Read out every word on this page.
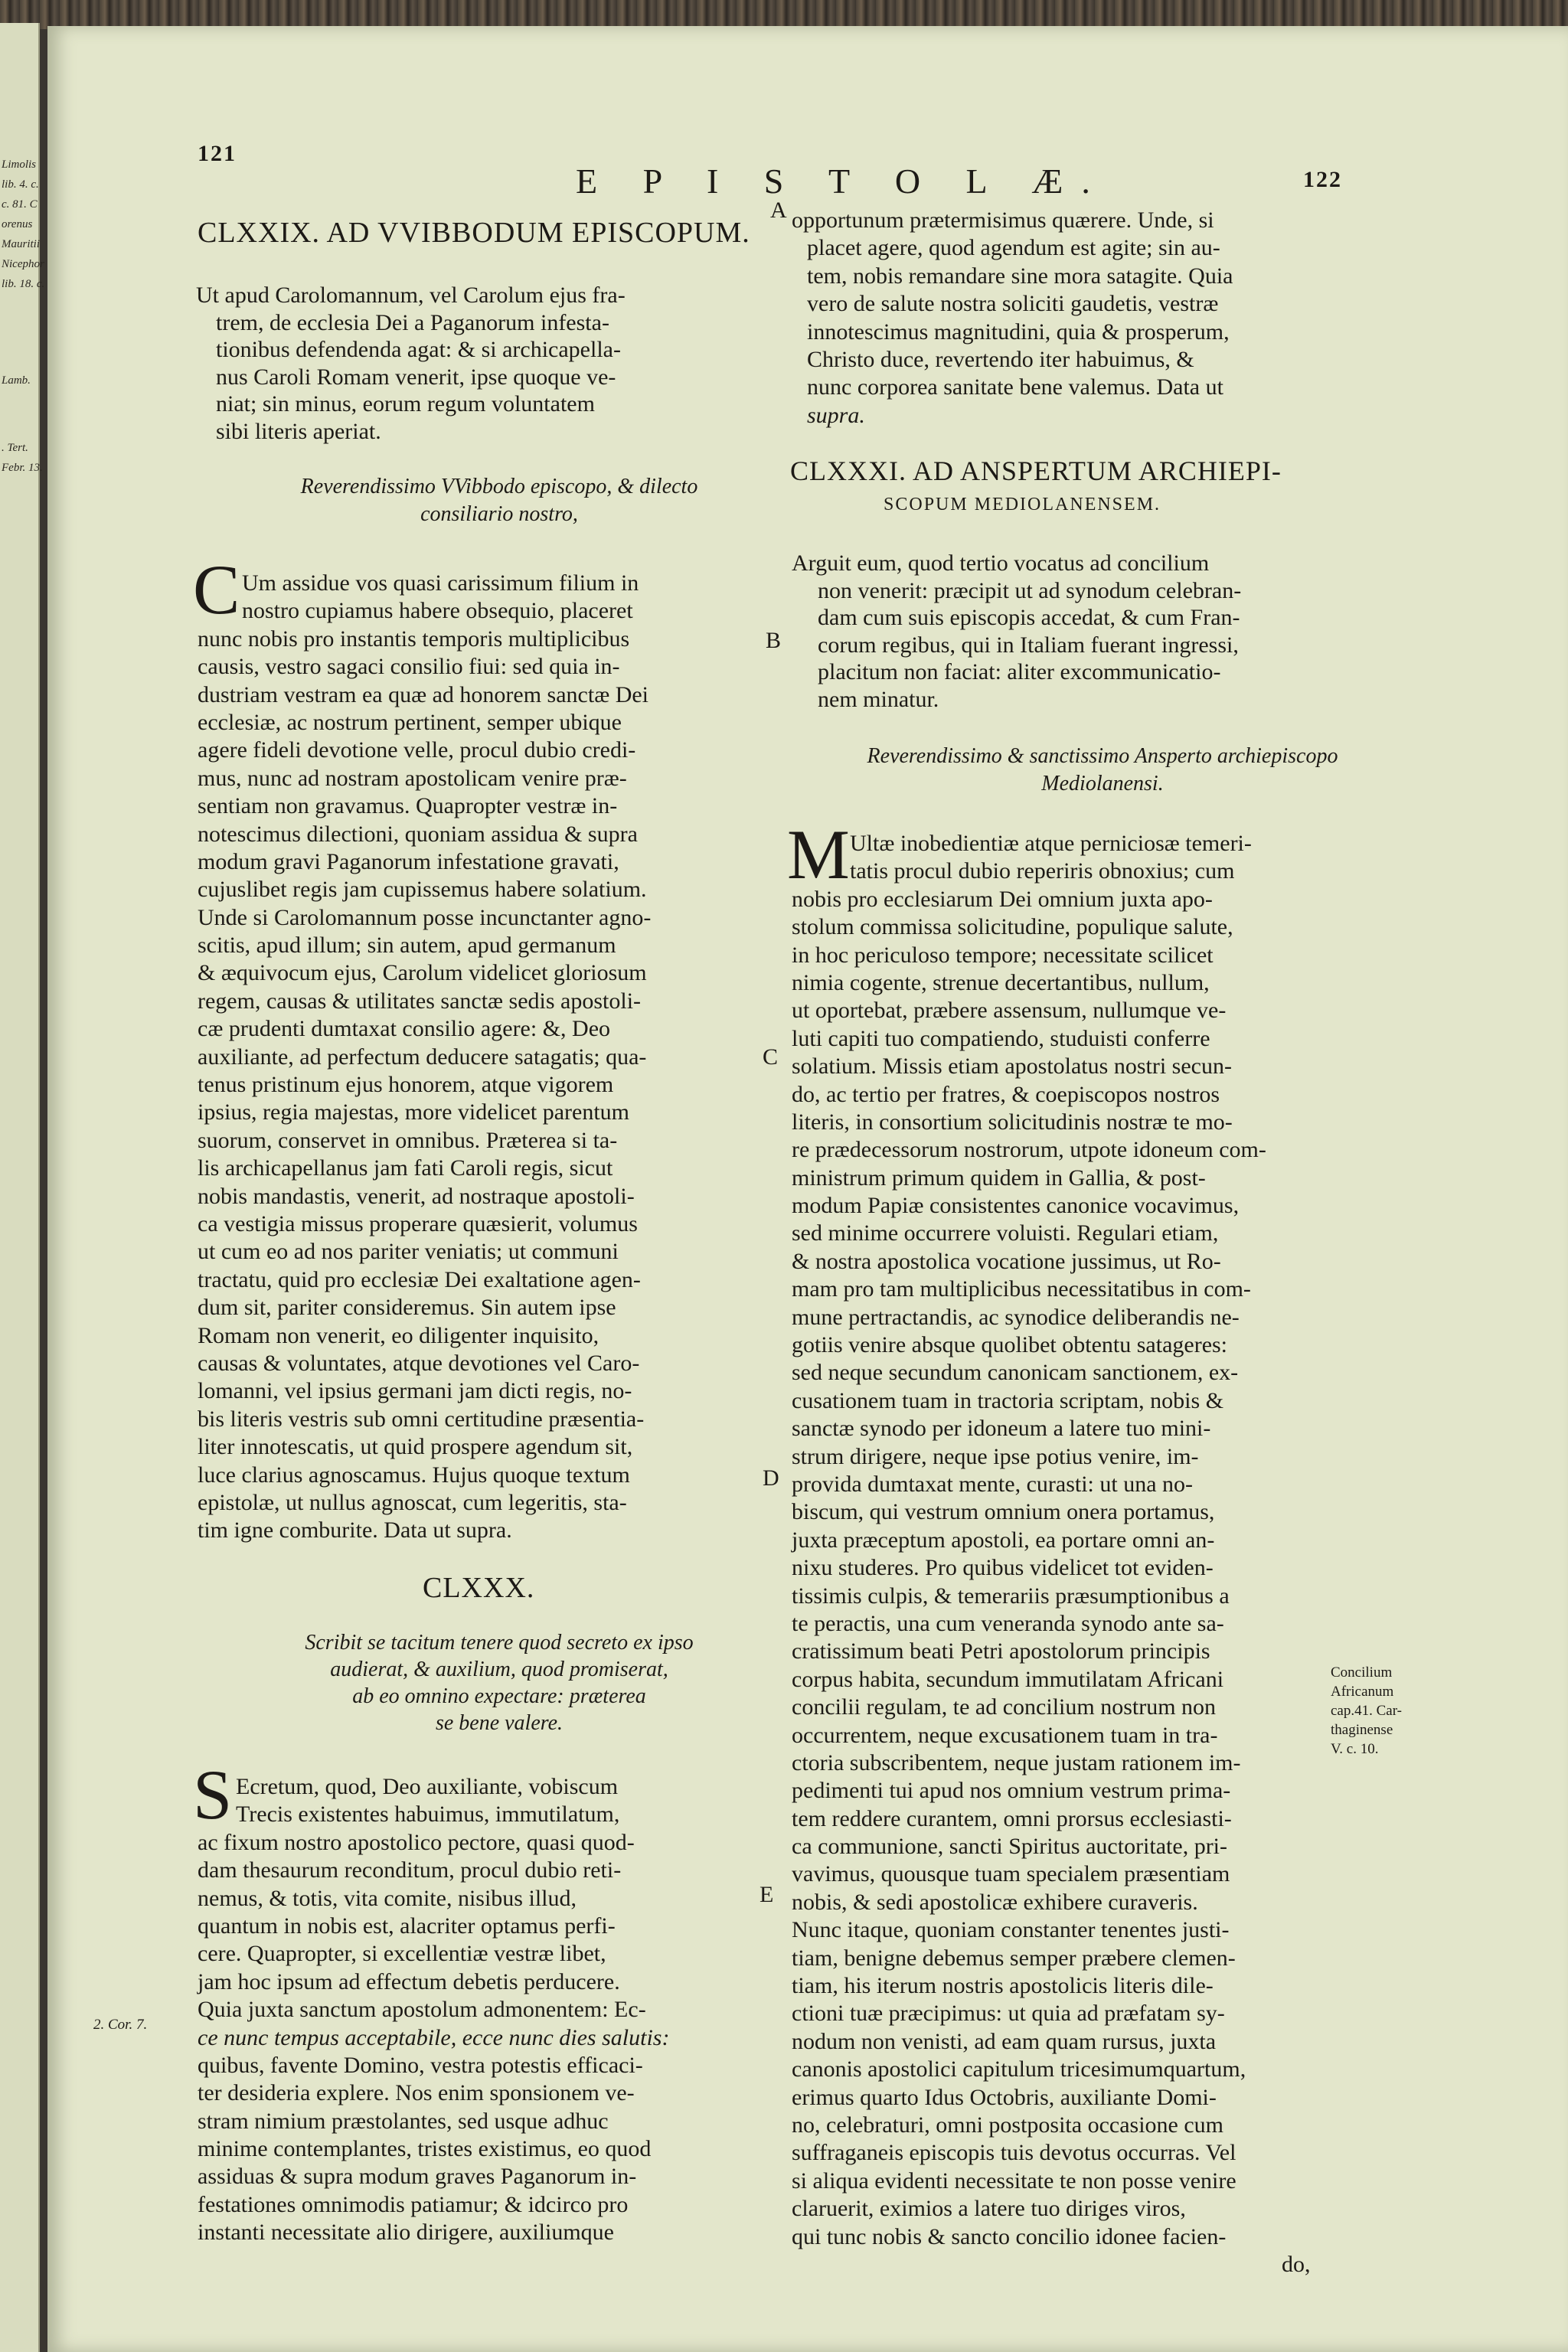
Limolis
lib. 4. c.
c. 81. C
orenus
Mauritii
Nicephor
lib. 18. c.
Lamb.
. Tert.
Febr. 13.
121
E P I S T O L Æ.	122
CLXXIX. AD VVIBBODUM EPISCOPUM.
Ut apud Carolomannum, vel Carolum ejus fra-
trem, de ecclesia Dei a Paganorum infesta-
tionibus defendenda agat: & si archicapella-
nus Caroli Romam venerit, ipse quoque ve-
niat; sin minus, eorum regum voluntatem
sibi literis aperiat.
Reverendissimo VVibbodo episcopo, & dilecto
consiliario nostro,
C Um assidue vos quasi carissimum filium in
nostro cupiamus habere obsequio, placeret
nunc nobis pro instantis temporis multiplicibus
causis, vestro sagaci consilio fiui: sed quia in-
dustriam vestram ea quæ ad honorem sanctæ Dei
ecclesiæ, ac nostrum pertinent, semper ubique
agere fideli devotione velle, procul dubio credi-
mus, nunc ad nostram apostolicam venire præ-
sentiam non gravamus. Quapropter vestræ in-
notescimus dilectioni, quoniam assidua & supra
modum gravi Paganorum infestatione gravati,
cujuslibet regis jam cupissemus habere solatium.
Unde si Carolomannum posse incunctanter agno-
scitis, apud illum; sin autem, apud germanum
& æquivocum ejus, Carolum videlicet gloriosum
regem, causas & utilitates sanctæ sedis apostoli-
cæ prudenti dumtaxat consilio agere: &, Deo
auxiliante, ad perfectum deducere satagatis; qua-
tenus pristinum ejus honorem, atque vigorem
ipsius, regia majestas, more videlicet parentum
suorum, conservet in omnibus. Præterea si ta-
lis archicapellanus jam fati Caroli regis, sicut
nobis mandastis, venerit, ad nostraque apostoli-
ca vestigia missus properare quæsierit, volumus
ut cum eo ad nos pariter veniatis; ut communi
tractatu, quid pro ecclesiæ Dei exaltatione agen-
dum sit, pariter consideremus. Sin autem ipse
Romam non venerit, eo diligenter inquisito,
causas & voluntates, atque devotiones vel Caro-
lomanni, vel ipsius germani jam dicti regis, no-
bis literis vestris sub omni certitudine præsentia-
liter innotescatis, ut quid prospere agendum sit,
luce clarius agnoscamus. Hujus quoque textum
epistolæ, ut nullus agnoscat, cum legeritis, sta-
tim igne comburite. Data ut supra.
CLXXX.
Scribit se tacitum tenere quod secreto ex ipso
audierat, & auxilium, quod promiserat,
ab eo omnino expectare: præterea
se bene valere.
S Ecretum, quod, Deo auxiliante, vobiscum
Trecis existentes habuimus, immutilatum,
ac fixum nostro apostolico pectore, quasi quod-
dam thesaurum reconditum, procul dubio reti-
nemus, & totis, vita comite, nisibus illud,
quantum in nobis est, alacriter optamus perfi-
cere. Quapropter, si excellentiæ vestræ libet,
jam hoc ipsum ad effectum debetis perducere.
Quia juxta sanctum apostolum admonentem: Ec-
ce nunc tempus acceptabile, ecce nunc dies salutis:
quibus, favente Domino, vestra potestis efficaci-
ter desideria explere. Nos enim sponsionem ve-
stram nimium præstolantes, sed usque adhuc
minime contemplantes, tristes existimus, eo quod
assiduas & supra modum graves Paganorum in-
festationes omnimodis patiamur; & idcirco pro
instanti necessitate alio dirigere, auxiliumque
2. Cor. 7.
A
B
C
D
E
opportunum prætermisimus quærere. Unde, si
placet agere, quod agendum est agite; sin au-
tem, nobis remandare sine mora satagite. Quia
vero de salute nostra soliciti gaudetis, vestræ
innotescimus magnitudini, quia & prosperum,
Christo duce, revertendo iter habuimus, &
nunc corporea sanitate bene valemus. Data ut
supra.
CLXXXI. AD ANSPERTUM ARCHIEPI-
SCOPUM MEDIOLANENSEM.
Arguit eum, quod tertio vocatus ad concilium
non venerit: præcipit ut ad synodum celebran-
dam cum suis episcopis accedat, & cum Fran-
corum regibus, qui in Italiam fuerant ingressi,
placitum non faciat: aliter excommunicatio-
nem minatur.
Reverendissimo & sanctissimo Ansperto archiepiscopo
Mediolanensi.
M Ultæ inobedientiæ atque perniciosæ temeri-
tatis procul dubio reperiris obnoxius; cum
nobis pro ecclesiarum Dei omnium juxta apo-
stolum commissa solicitudine, populique salute,
in hoc periculoso tempore; necessitate scilicet
nimia cogente, strenue decertantibus, nullum,
ut oportebat, præbere assensum, nullumque ve-
luti capiti tuo compatiendo, studuisti conferre
solatium. Missis etiam apostolatus nostri secun-
do, ac tertio per fratres, & coepiscopos nostros
literis, in consortium solicitudinis nostræ te mo-
re prædecessorum nostrorum, utpote idoneum com-
ministrum primum quidem in Gallia, & post-
modum Papiæ consistentes canonice vocavimus,
sed minime occurrere voluisti. Regulari etiam,
& nostra apostolica vocatione jussimus, ut Ro-
mam pro tam multiplicibus necessitatibus in com-
mune pertractandis, ac synodice deliberandis ne-
gotiis venire absque quolibet obtentu satageres:
sed neque secundum canonicam sanctionem, ex-
cusationem tuam in tractoria scriptam, nobis &
sanctæ synodo per idoneum a latere tuo mini-
strum dirigere, neque ipse potius venire, im-
provida dumtaxat mente, curasti: ut una no-
biscum, qui vestrum omnium onera portamus,
juxta præceptum apostoli, ea portare omni an-
nixu studeres. Pro quibus videlicet tot eviden-
tissimis culpis, & temerariis præsumptionibus a
te peractis, una cum veneranda synodo ante sa-
cratissimum beati Petri apostolorum principis
corpus habita, secundum immutilatam Africani
concilii regulam, te ad concilium nostrum non
occurrentem, neque excusationem tuam in tra-
ctoria subscribentem, neque justam rationem im-
pedimenti tui apud nos omnium vestrum prima-
tem reddere curantem, omni prorsus ecclesiasti-
ca communione, sancti Spiritus auctoritate, pri-
vavimus, quousque tuam specialem præsentiam
nobis, & sedi apostolicæ exhibere curaveris.
Nunc itaque, quoniam constanter tenentes justi-
tiam, benigne debemus semper præbere clemen-
tiam, his iterum nostris apostolicis literis dile-
ctioni tuæ præcipimus: ut quia ad præfatam sy-
nodum non venisti, ad eam quam rursus, juxta
canonis apostolici capitulum tricesimumquartum,
erimus quarto Idus Octobris, auxiliante Domi-
no, celebraturi, omni postposita occasione cum
suffraganeis episcopis tuis devotus occurras. Vel
si aliqua evidenti necessitate te non posse venire
claruerit, eximios a latere tuo diriges viros,
qui tunc nobis & sancto concilio idonee facien-
do,
Concilium
Africanum
cap.41. Car-
thaginense
V. c. 10.
